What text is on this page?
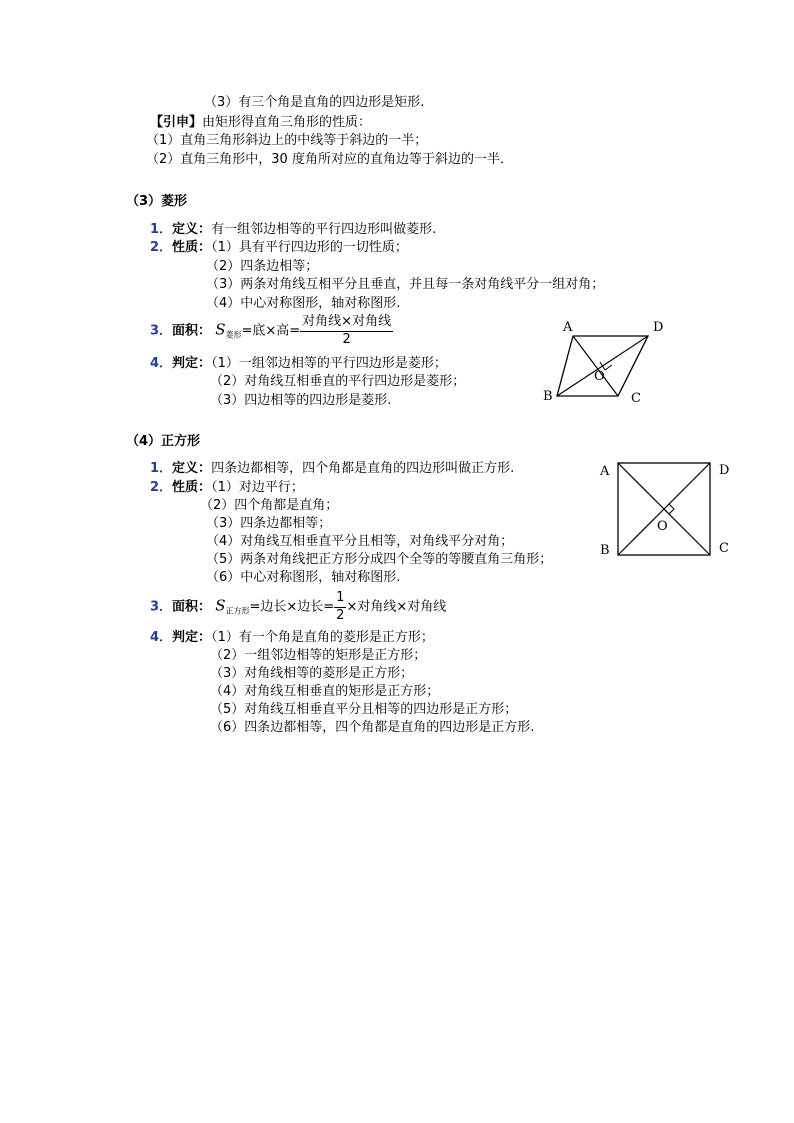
（3）有三个角是直角的四边形是矩形.
【引申】由矩形得直角三角形的性质：
（1）直角三角形斜边上的中线等于斜边的一半；
（2）直角三角形中，30 度角所对应的直角边等于斜边的一半．
（3）菱形
1．定义：有一组邻边相等的平行四边形叫做菱形.
2．性质：（1）具有平行四边形的一切性质；
（2）四条边相等；
（3）两条对角线互相平分且垂直，并且每一条对角线平分一组对角；
（4）中心对称图形，轴对称图形.
3．面积： $S_{菱形}=$底×高= $\frac{\text{对角线×对角线}}{2}$
4．判定：（1）一组邻边相等的平行四边形是菱形；
（2）对角线互相垂直的平行四边形是菱形；
（3）四边相等的四边形是菱形.
A	D
B	C
O
（4）正方形
1．定义：四条边都相等，四个角都是直角的四边形叫做正方形.
2．性质：（1）对边平行；
（2）四个角都是直角；
（3）四条边都相等；
（4）对角线互相垂直平分且相等，对角线平分对角；
（5）两条对角线把正方形分成四个全等的等腰直角三角形；
（6）中心对称图形，轴对称图形.
3．面积： $S_{正方形}=$边长×边长= $\frac{1}{2}$ ×对角线×对角线
4．判定：（1）有一个角是直角的菱形是正方形；
（2）一组邻边相等的矩形是正方形；
（3）对角线相等的菱形是正方形；
（4）对角线互相垂直的矩形是正方形；
（5）对角线互相垂直平分且相等的四边形是正方形；
（6）四条边都相等，四个角都是直角的四边形是正方形.
A	D
B	C
O
